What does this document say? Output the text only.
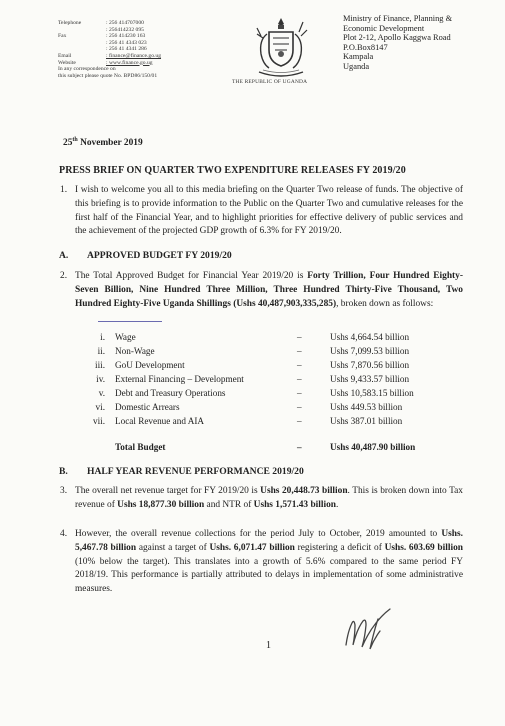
Telephone	: 256 414707000
: 256414232 095
Fax	: 256 414230 163
: 256 41 4343 023
: 256 41 4341 286
Email	: finance@finance.go.ug
Website	: www.finance.go.ug
In any correspondence on
this subject please quote No. BPD86/150/01
THE REPUBLIC OF UGANDA
Ministry of Finance, Planning &
Economic Development
Plot 2-12, Apollo Kaggwa Road
P.O.Box8147
Kampala
Uganda
25th November 2019
PRESS BRIEF ON QUARTER TWO EXPENDITURE RELEASES FY 2019/20
1. I wish to welcome you all to this media briefing on the Quarter Two release of funds. The objective of this briefing is to provide information to the Public on the Quarter Two and cumulative releases for the first half of the Financial Year, and to highlight priorities for effective delivery of public services and the achievement of the projected GDP growth of 6.3% for FY 2019/20.
A. APPROVED BUDGET FY 2019/20
2. The Total Approved Budget for Financial Year 2019/20 is Forty Trillion, Four Hundred Eighty-Seven Billion, Nine Hundred Three Million, Three Hundred Thirty-Five Thousand, Two Hundred Eighty-Five Uganda Shillings (Ushs 40,487,903,335,285), broken down as follows:
i. Wage	–	Ushs 4,664.54 billion
ii. Non-Wage	–	Ushs 7,099.53 billion
iii. GoU Development	–	Ushs 7,870.56 billion
iv. External Financing – Development	–	Ushs 9,433.57 billion
v. Debt and Treasury Operations	–	Ushs 10,583.15 billion
vi. Domestic Arrears	–	Ushs 449.53 billion
vii. Local Revenue and AIA	–	Ushs 387.01 billion
Total Budget	–	Ushs 40,487.90 billion
B. HALF YEAR REVENUE PERFORMANCE 2019/20
3. The overall net revenue target for FY 2019/20 is Ushs 20,448.73 billion. This is broken down into Tax revenue of Ushs 18,877.30 billion and NTR of Ushs 1,571.43 billion.
4. However, the overall revenue collections for the period July to October, 2019 amounted to Ushs. 5,467.78 billion against a target of Ushs. 6,071.47 billion registering a deficit of Ushs. 603.69 billion (10% below the target). This translates into a growth of 5.6% compared to the same period FY 2018/19. This performance is partially attributed to delays in implementation of some administrative measures.
1
